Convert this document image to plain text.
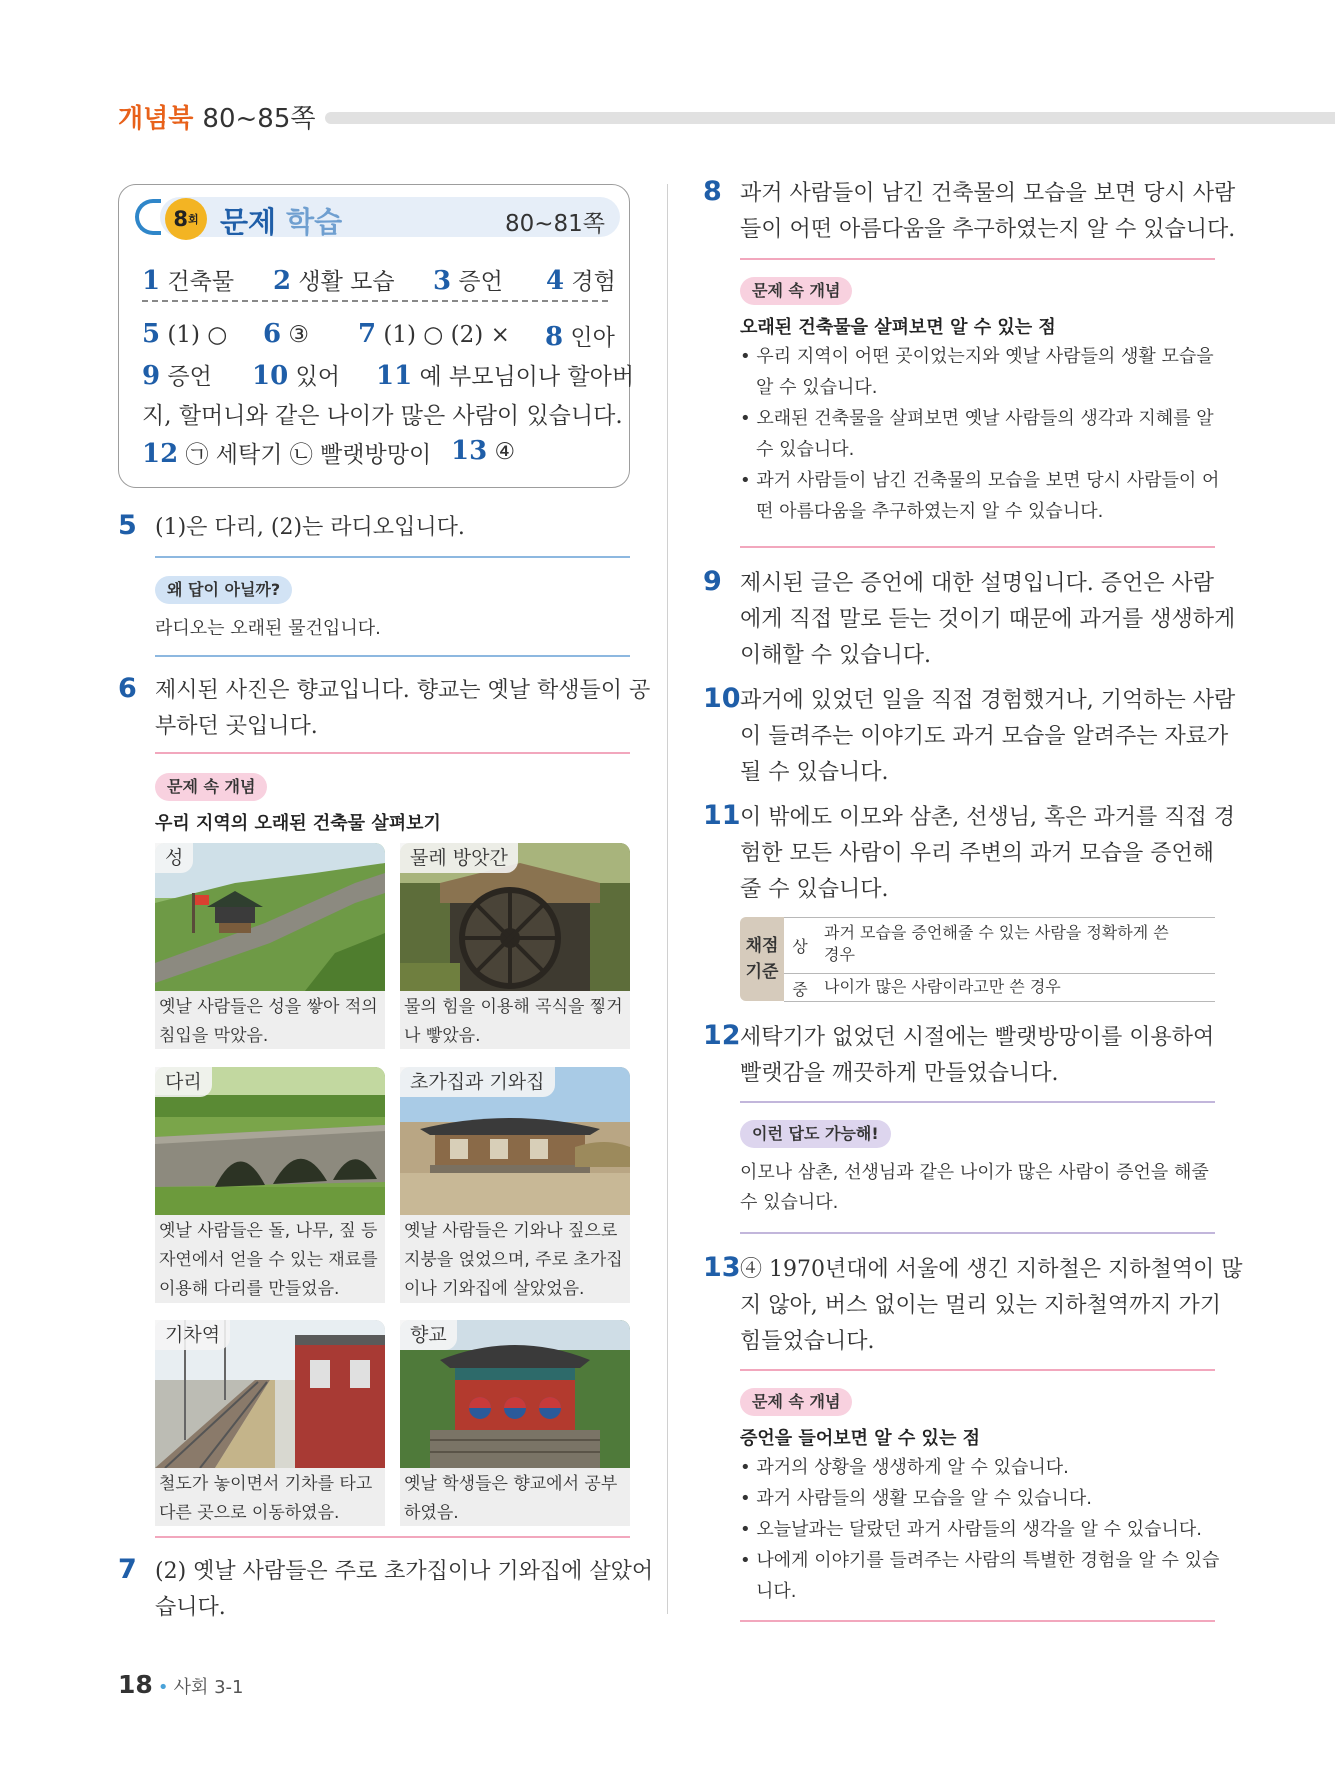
개념북 80~85쪽
8 회 문제 학습	80~81쪽
1 건축물 2 생활 모습 3 증언 4 경험
5 (1) ○ 6 ③ 7 (1) ○ (2) × 8 인아
9 증언 10 있어 11 예 부모님이나 할아버
지, 할머니와 같은 나이가 많은 사람이 있습니다.
12 ㉠ 세탁기 ㉡ 빨랫방망이 13 ④
5 (1)은 다리, (2)는 라디오입니다.
왜 답이 아닐까?
라디오는 오래된 물건입니다.
6 제시된 사진은 향교입니다. 향교는 옛날 학생들이 공
부하던 곳입니다.
문제 속 개념
우리 지역의 오래된 건축물 살펴보기
성
옛날 사람들은 성을 쌓아 적의
침입을 막았음.
물레 방앗간
물의 힘을 이용해 곡식을 찧거
나 빻았음.
다리
옛날 사람들은 돌, 나무, 짚 등
자연에서 얻을 수 있는 재료를
이용해 다리를 만들었음.
초가집과 기와집
옛날 사람들은 기와나 짚으로
지붕을 얹었으며, 주로 초가집
이나 기와집에 살았었음.
기차역
철도가 놓이면서 기차를 타고
다른 곳으로 이동하였음.
향교
옛날 학생들은 향교에서 공부
하였음.
7 (2) 옛날 사람들은 주로 초가집이나 기와집에 살았어
습니다.
8 과거 사람들이 남긴 건축물의 모습을 보면 당시 사람
들이 어떤 아름다움을 추구하였는지 알 수 있습니다.
문제 속 개념
오래된 건축물을 살펴보면 알 수 있는 점
• 우리 지역이 어떤 곳이었는지와 옛날 사람들의 생활 모습을
알 수 있습니다.
• 오래된 건축물을 살펴보면 옛날 사람들의 생각과 지혜를 알
수 있습니다.
• 과거 사람들이 남긴 건축물의 모습을 보면 당시 사람들이 어
떤 아름다움을 추구하였는지 알 수 있습니다.
9 제시된 글은 증언에 대한 설명입니다. 증언은 사람
에게 직접 말로 듣는 것이기 때문에 과거를 생생하게
이해할 수 있습니다.
10 과거에 있었던 일을 직접 경험했거나, 기억하는 사람
이 들려주는 이야기도 과거 모습을 알려주는 자료가
될 수 있습니다.
11 이 밖에도 이모와 삼촌, 선생님, 혹은 과거를 직접 경
험한 모든 사람이 우리 주변의 과거 모습을 증언해
줄 수 있습니다.
채점
기준
상
과거 모습을 증언해줄 수 있는 사람을 정확하게 쓴
경우
중	나이가 많은 사람이라고만 쓴 경우
12 세탁기가 없었던 시절에는 빨랫방망이를 이용하여
빨랫감을 깨끗하게 만들었습니다.
이런 답도 가능해!
이모나 삼촌, 선생님과 같은 나이가 많은 사람이 증언을 해줄
수 있습니다.
13 ④ 1970년대에 서울에 생긴 지하철은 지하철역이 많
지 않아, 버스 없이는 멀리 있는 지하철역까지 가기
힘들었습니다.
문제 속 개념
증언을 들어보면 알 수 있는 점
• 과거의 상황을 생생하게 알 수 있습니다.
• 과거 사람들의 생활 모습을 알 수 있습니다.
• 오늘날과는 달랐던 과거 사람들의 생각을 알 수 있습니다.
• 나에게 이야기를 들려주는 사람의 특별한 경험을 알 수 있습
니다.
18 • 사회 3-1
